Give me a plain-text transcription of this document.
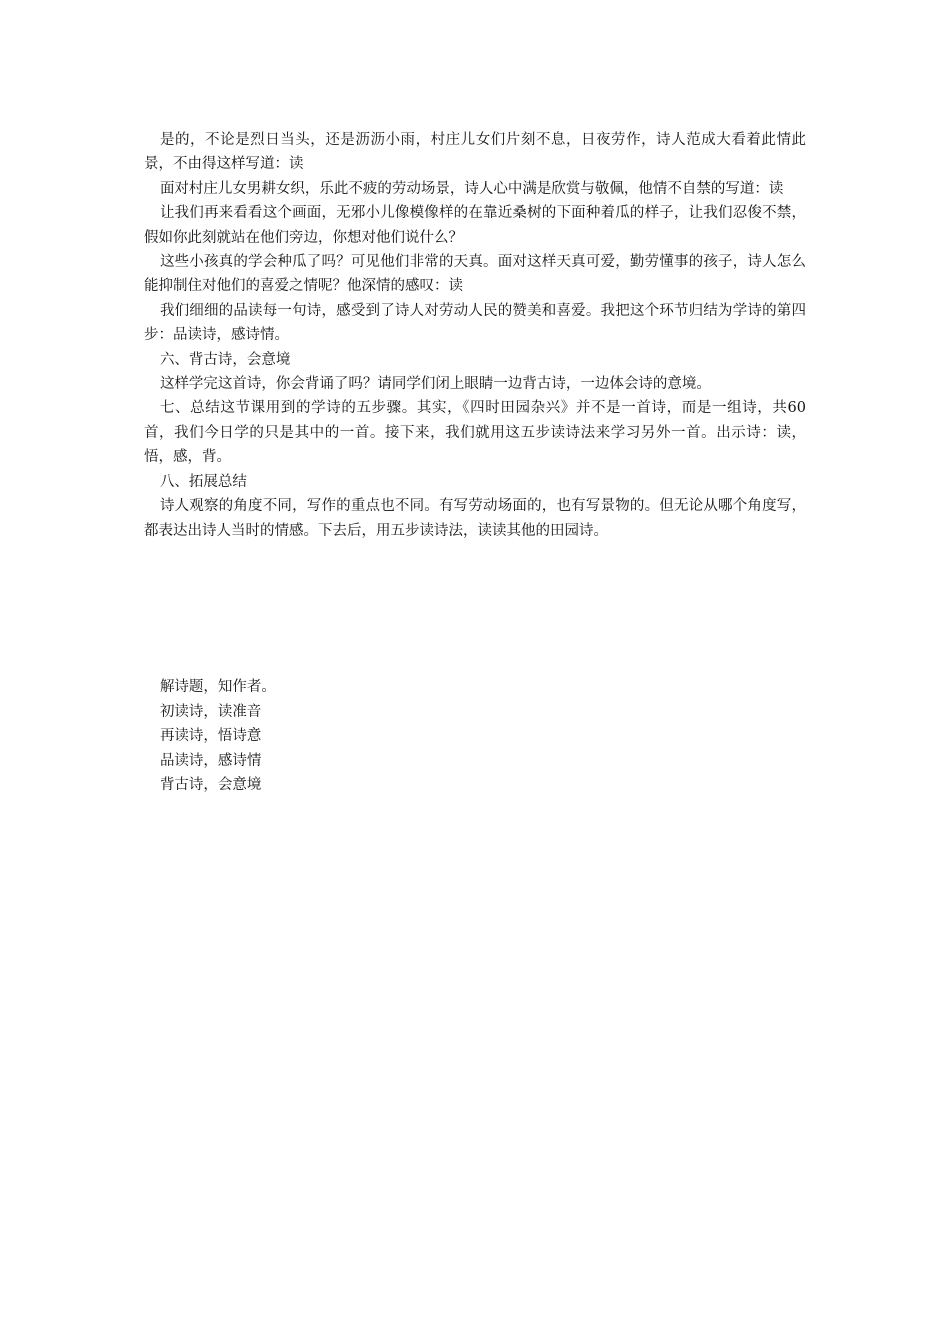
是的，不论是烈日当头，还是沥沥小雨，村庄儿女们片刻不息，日夜劳作，诗人范成大看着此情此景，不由得这样写道：读

面对村庄儿女男耕女织，乐此不疲的劳动场景，诗人心中满是欣赏与敬佩，他情不自禁的写道：读

让我们再来看看这个画面，无邪小儿像模像样的在靠近桑树的下面种着瓜的样子，让我们忍俊不禁，假如你此刻就站在他们旁边，你想对他们说什么？

这些小孩真的学会种瓜了吗？可见他们非常的天真。面对这样天真可爱，勤劳懂事的孩子，诗人怎么能抑制住对他们的喜爱之情呢？他深情的感叹：读

我们细细的品读每一句诗，感受到了诗人对劳动人民的赞美和喜爱。我把这个环节归结为学诗的第四步：品读诗，感诗情。

六、背古诗，会意境

这样学完这首诗，你会背诵了吗？请同学们闭上眼睛一边背古诗，一边体会诗的意境。

七、总结这节课用到的学诗的五步骤。其实，《四时田园杂兴》并不是一首诗，而是一组诗，共60首，我们今日学的只是其中的一首。接下来，我们就用这五步读诗法来学习另外一首。出示诗：读，悟，感，背。

八、拓展总结

诗人观察的角度不同，写作的重点也不同。有写劳动场面的，也有写景物的。但无论从哪个角度写，都表达出诗人当时的情感。下去后，用五步读诗法，读读其他的田园诗。

解诗题，知作者。

初读诗，读准音

再读诗，悟诗意

品读诗，感诗情

背古诗，会意境
